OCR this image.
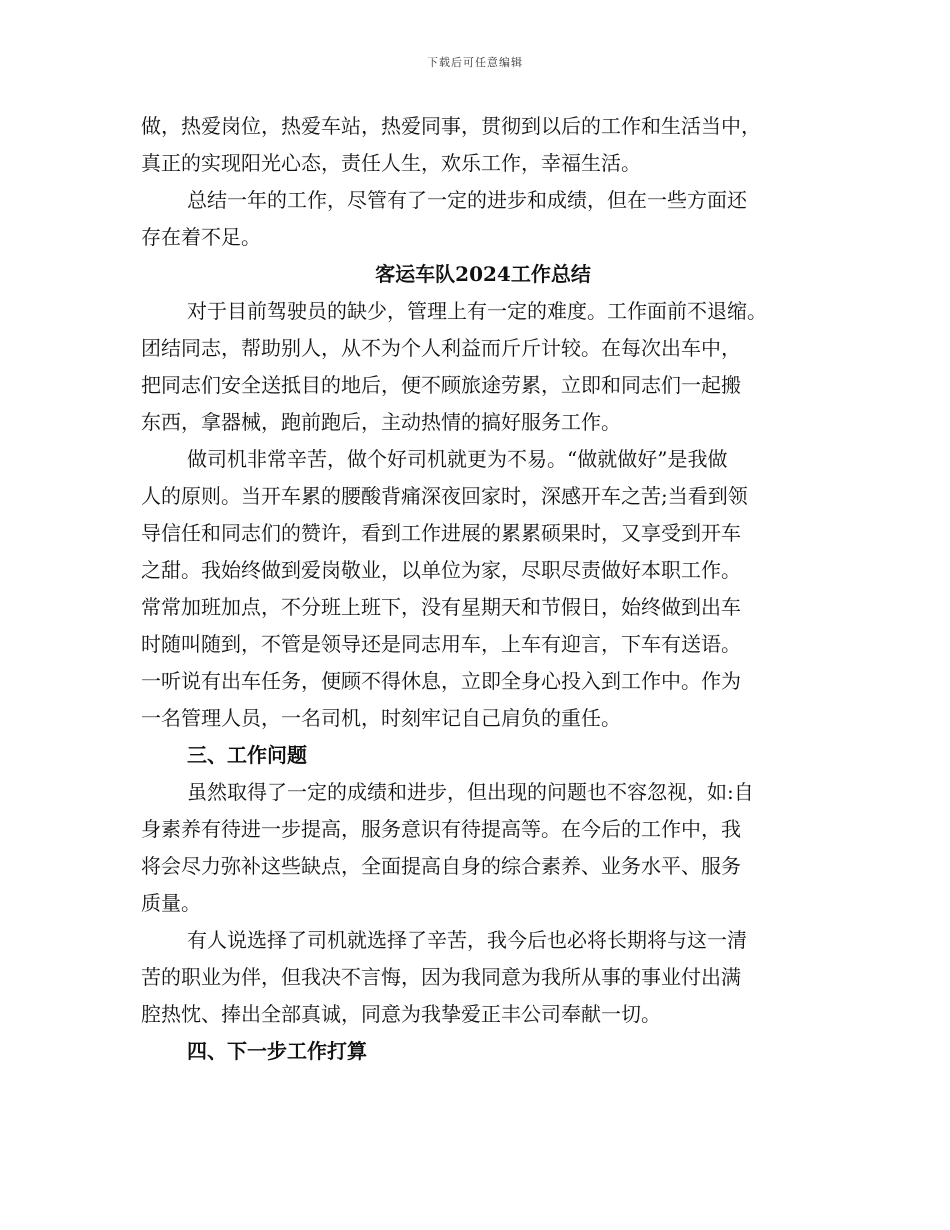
下载后可任意编辑
做，热爱岗位，热爱车站，热爱同事，贯彻到以后的工作和生活当中，
真正的实现阳光心态，责任人生，欢乐工作，幸福生活。
总结一年的工作，尽管有了一定的进步和成绩，但在一些方面还
存在着不足。
客运车队2024工作总结
对于目前驾驶员的缺少，管理上有一定的难度。工作面前不退缩。
团结同志，帮助别人，从不为个人利益而斤斤计较。在每次出车中，
把同志们安全送抵目的地后，便不顾旅途劳累，立即和同志们一起搬
东西，拿器械，跑前跑后，主动热情的搞好服务工作。
做司机非常辛苦，做个好司机就更为不易。“做就做好”是我做
人的原则。当开车累的腰酸背痛深夜回家时，深感开车之苦;当看到领
导信任和同志们的赞许，看到工作进展的累累硕果时，又享受到开车
之甜。我始终做到爱岗敬业，以单位为家，尽职尽责做好本职工作。
常常加班加点，不分班上班下，没有星期天和节假日，始终做到出车
时随叫随到，不管是领导还是同志用车，上车有迎言，下车有送语。
一听说有出车任务，便顾不得休息，立即全身心投入到工作中。作为
一名管理人员，一名司机，时刻牢记自己肩负的重任。
三、工作问题
虽然取得了一定的成绩和进步，但出现的问题也不容忽视，如:自
身素养有待进一步提高，服务意识有待提高等。在今后的工作中，我
将会尽力弥补这些缺点，全面提高自身的综合素养、业务水平、服务
质量。
有人说选择了司机就选择了辛苦，我今后也必将长期将与这一清
苦的职业为伴，但我决不言悔，因为我同意为我所从事的事业付出满
腔热忱、捧出全部真诚，同意为我挚爱正丰公司奉献一切。
四、下一步工作打算
